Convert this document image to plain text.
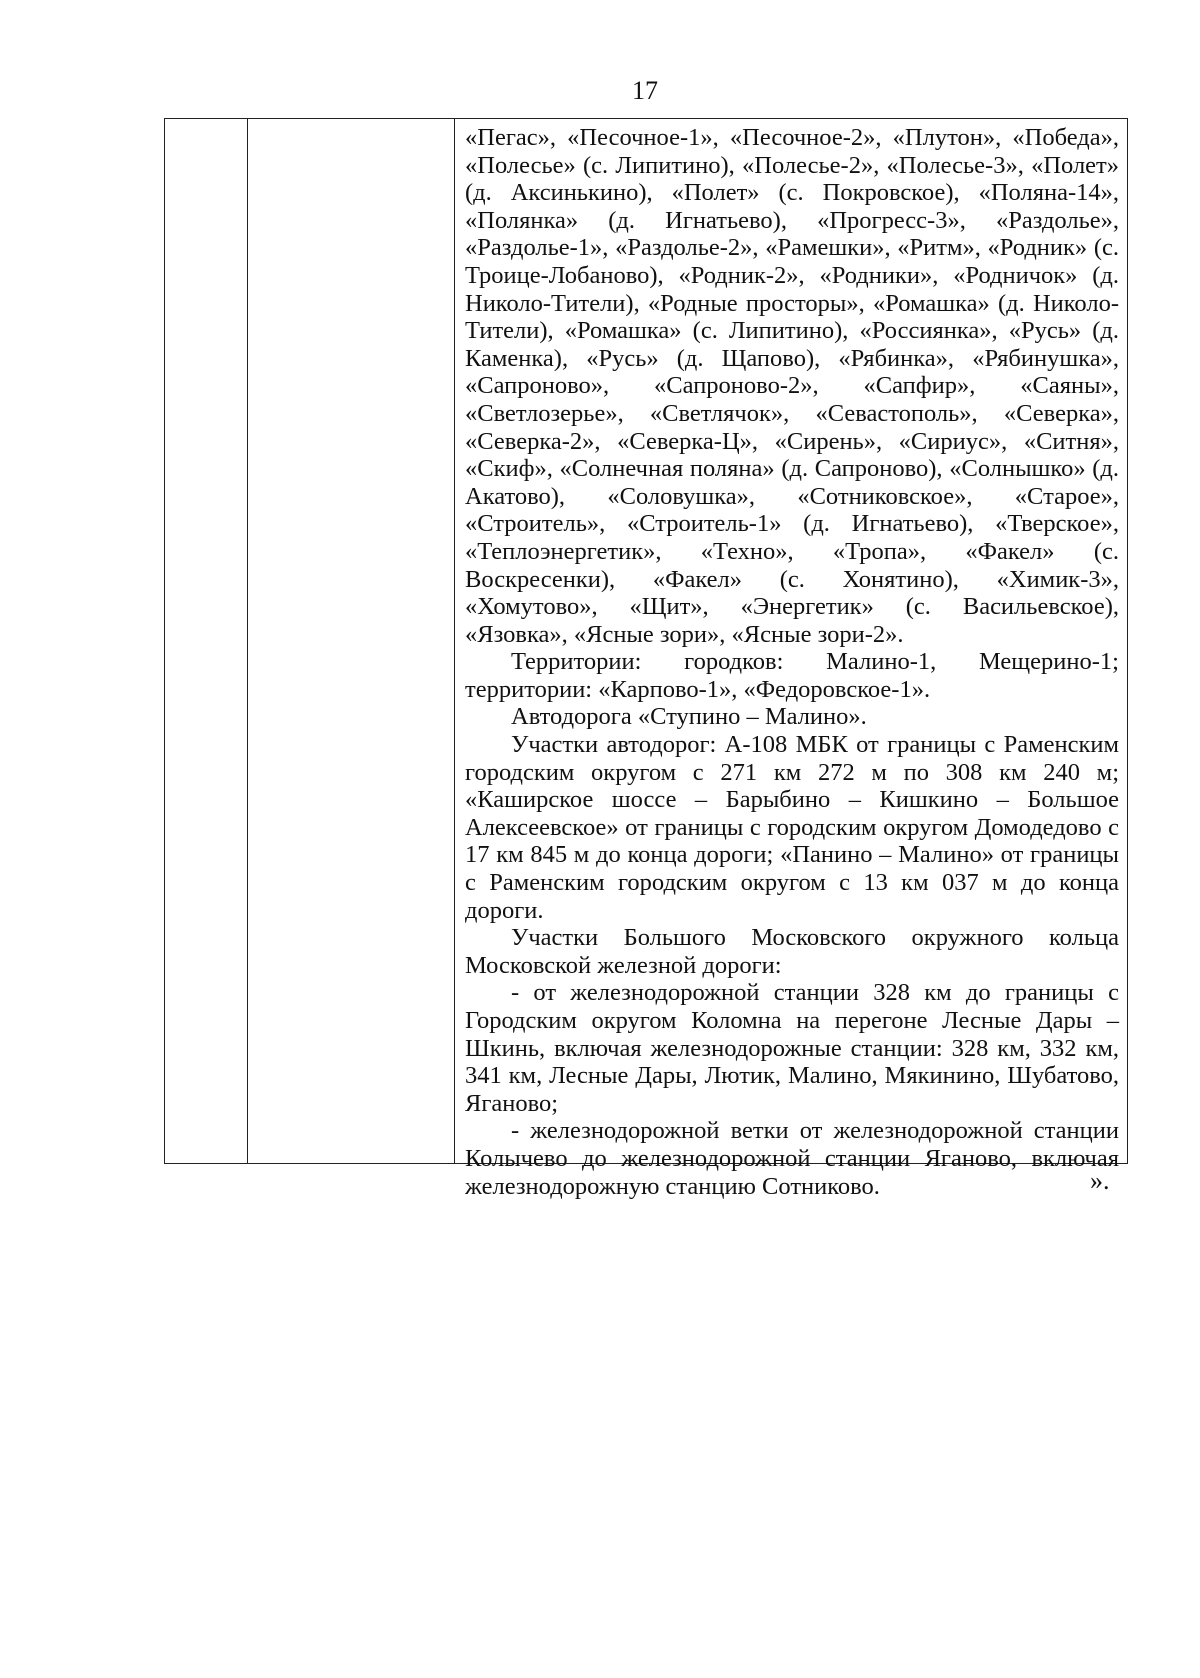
17

«Пегас», «Песочное-1», «Песочное-2», «Плутон», «Победа», «Полесье» (с. Липитино), «Полесье-2», «Полесье-3», «Полет» (д. Аксинькино), «Полет» (с. Покровское), «Поляна-14», «Полянка» (д. Игнатьево), «Прогресс-3», «Раздолье», «Раздолье-1», «Раздолье-2», «Рамешки», «Ритм», «Родник» (с. Троице-Лобаново), «Родник-2», «Родники», «Родничок» (д. Николо-Тители), «Родные просторы», «Ромашка» (д. Николо-Тители), «Ромашка» (с. Липитино), «Россиянка», «Русь» (д. Каменка), «Русь» (д. Щапово), «Рябинка», «Рябинушка», «Сапроново», «Сапроново-2», «Сапфир», «Саяны», «Светлозерье», «Светлячок», «Севастополь», «Северка», «Северка-2», «Северка-Ц», «Сирень», «Сириус», «Ситня», «Скиф», «Солнечная поляна» (д. Сапроново), «Солнышко» (д. Акатово), «Соловушка», «Сотниковское», «Старое», «Строитель», «Строитель-1» (д. Игнатьево), «Тверское», «Теплоэнергетик», «Техно», «Тропа», «Факел» (с. Воскресенки), «Факел» (с. Хонятино), «Химик-3», «Хомутово», «Щит», «Энергетик» (с. Васильевское), «Язовка», «Ясные зори», «Ясные зори-2».

Территории: городков: Малино-1, Мещерино-1; территории: «Карпово-1», «Федоровское-1».

Автодорога «Ступино – Малино».

Участки автодорог: А-108 МБК от границы с Раменским городским округом с 271 км 272 м по 308 км 240 м; «Каширское шоссе – Барыбино – Кишкино – Большое Алексеевское» от границы с городским округом Домодедово с 17 км 845 м до конца дороги; «Панино – Малино» от границы с Раменским городским округом с 13 км 037 м до конца дороги.

Участки Большого Московского окружного кольца Московской железной дороги:

- от железнодорожной станции 328 км до границы с Городским округом Коломна на перегоне Лесные Дары – Шкинь, включая железнодорожные станции: 328 км, 332 км, 341 км, Лесные Дары, Лютик, Малино, Мякинино, Шубатово, Яганово;

- железнодорожной ветки от железнодорожной станции Колычево до железнодорожной станции Яганово, включая железнодорожную станцию Сотниково.	».
